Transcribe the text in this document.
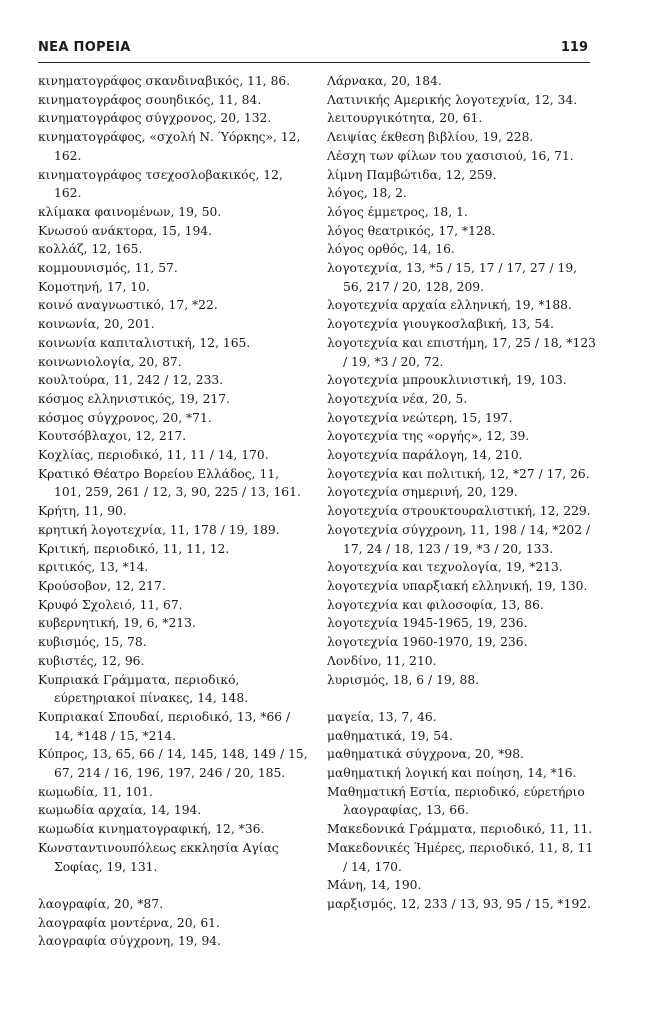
ΝΕΑ ΠΟΡΕΙΑ	119
κινηματογράφος σκανδιναβικός, 11, 86.
κινηματογράφος σουηδικός, 11, 84.
κινηματογράφος σύγχρονος, 20, 132.
κινηματογράφος, «σχολή Ν. Ύόρκης», 12, 162.
κινηματογράφος τσεχοσλοβακικός, 12, 162.
κλίμακα φαινομένων, 19, 50.
Κνωσού ανάκτορα, 15, 194.
κολλάζ, 12, 165.
κομμουνισμός, 11, 57.
Κομοτηνή, 17, 10.
κοινό αναγνωστικό, 17, *22.
κοινωνία, 20, 201.
κοινωνία καπιταλιστική, 12, 165.
κοινωνιολογία, 20, 87.
κουλτούρα, 11, 242 / 12, 233.
κόσμος ελληνιστικός, 19, 217.
κόσμος σύγχρονος, 20, *71.
Κουτσόβλαχοι, 12, 217.
Κοχλίας, περιοδικό, 11, 11 / 14, 170.
Κρατικό Θέατρο Βορείου Ελλάδος, 11, 101, 259, 261 / 12, 3, 90, 225 / 13, 161.
Κρήτη, 11, 90.
κρητική λογοτεχνία, 11, 178 / 19, 189.
Κριτική, περιοδικό, 11, 11, 12.
κριτικός, 13, *14.
Κρούσοβον, 12, 217.
Κρυφό Σχολειό, 11, 67.
κυβερνητική, 19, 6, *213.
κυβισμός, 15, 78.
κυβιστές, 12, 96.
Κυπριακά Γράμματα, περιοδικό, εύρετηριακοί πίνακες, 14, 148.
Κυπριακαί Σπουδαί, περιοδικό, 13, *66 / 14, *148 / 15, *214.
Κύπρος, 13, 65, 66 / 14, 145, 148, 149 / 15, 67, 214 / 16, 196, 197, 246 / 20, 185.
κωμωδία, 11, 101.
κωμωδία αρχαία, 14, 194.
κωμωδία κινηματογραφική, 12, *36.
Κωνσταντινουπόλεως εκκλησία Αγίας Σοφίας, 19, 131.
λαογραφία, 20, *87.
λαογραφία μοντέρνα, 20, 61.
λαογραφία σύγχρονη, 19, 94.
Λάρνακα, 20, 184.
Λατινικής Αμερικής λογοτεχνία, 12, 34.
λειτουργικότητα, 20, 61.
Λειψίας έκθεση βιβλίου, 19, 228.
Λέσχη των φίλων του χασισιού, 16, 71.
λίμνη Παμβώτιδα, 12, 259.
λόγος, 18, 2.
λόγος έμμετρος, 18, 1.
λόγος θεατρικός, 17, *128.
λόγος ορθός, 14, 16.
λογοτεχνία, 13, *5 / 15, 17 / 17, 27 / 19, 56, 217 / 20, 128, 209.
λογοτεχνία αρχαία ελληνική, 19, *188.
λογοτεχνία γιουγκοσλαβική, 13, 54.
λογοτεχνία και επιστήμη, 17, 25 / 18, *123 / 19, *3 / 20, 72.
λογοτεχνία μπρουκλινιστική, 19, 103.
λογοτεχνία νέα, 20, 5.
λογοτεχνία νεώτερη, 15, 197.
λογοτεχνία της «οργής», 12, 39.
λογοτεχνία παράλογη, 14, 210.
λογοτεχνία και πολιτική, 12, *27 / 17, 26.
λογοτεχνία σημερινή, 20, 129.
λογοτεχνία στρουκτουραλιστική, 12, 229.
λογοτεχνία σύγχρονη, 11, 198 / 14, *202 / 17, 24 / 18, 123 / 19, *3 / 20, 133.
λογοτεχνία και τεχνολογία, 19, *213.
λογοτεχνία υπαρξιακή ελληνική, 19, 130.
λογοτεχνία και φιλοσοφία, 13, 86.
λογοτεχνία 1945-1965, 19, 236.
λογοτεχνία 1960-1970, 19, 236.
Λονδίνο, 11, 210.
λυρισμός, 18, 6 / 19, 88.
μαγεία, 13, 7, 46.
μαθηματικά, 19, 54.
μαθηματικά σύγχρονα, 20, *98.
μαθηματική λογική και ποίηση, 14, *16.
Μαθηματική Εστία, περιοδικό, εύρετήριο λαογραφίας, 13, 66.
Μακεδονικά Γράμματα, περιοδικό, 11, 11.
Μακεδονικές Ήμέρες, περιοδικό, 11, 8, 11 / 14, 170.
Μάνη, 14, 190.
μαρξισμός, 12, 233 / 13, 93, 95 / 15, *192.
